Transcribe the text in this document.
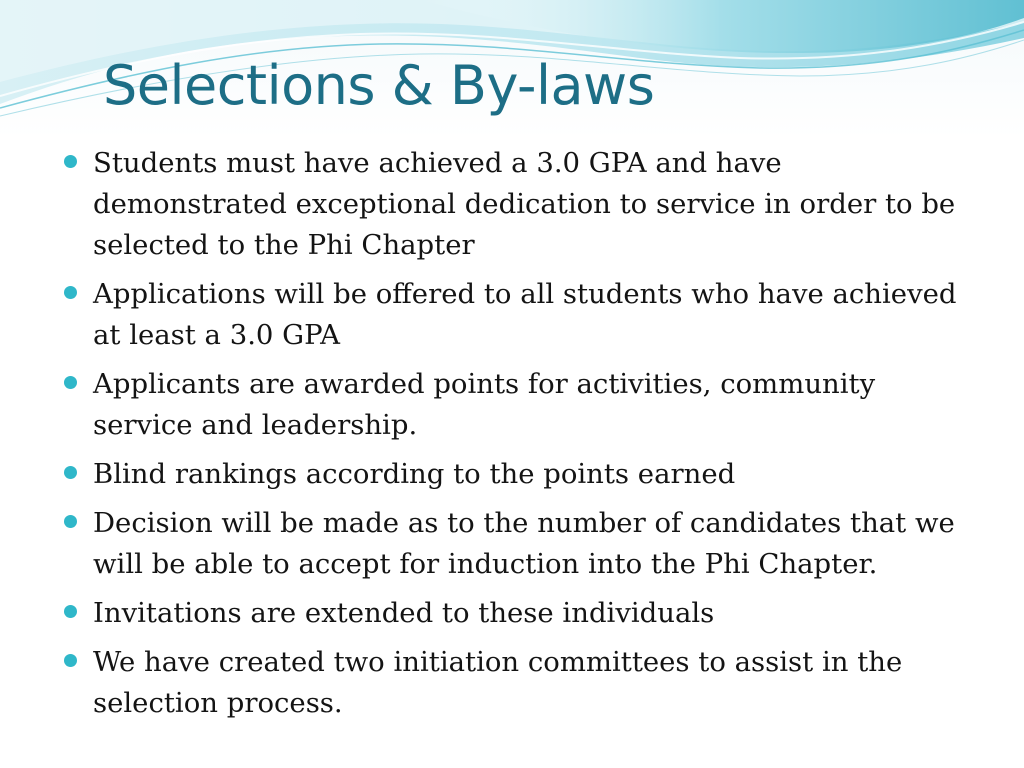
Selections & By-laws
Students must have achieved a 3.0 GPA and have demonstrated exceptional dedication to service in order to be selected to the Phi Chapter
Applications will be offered to all students who have achieved at least a 3.0 GPA
Applicants are awarded points for activities, community service and leadership.
Blind rankings according to the points earned
Decision will be made as to the number of candidates that we will be able to accept for induction into the Phi Chapter.
Invitations are extended to these individuals
We have created two initiation committees to assist in the selection process.
